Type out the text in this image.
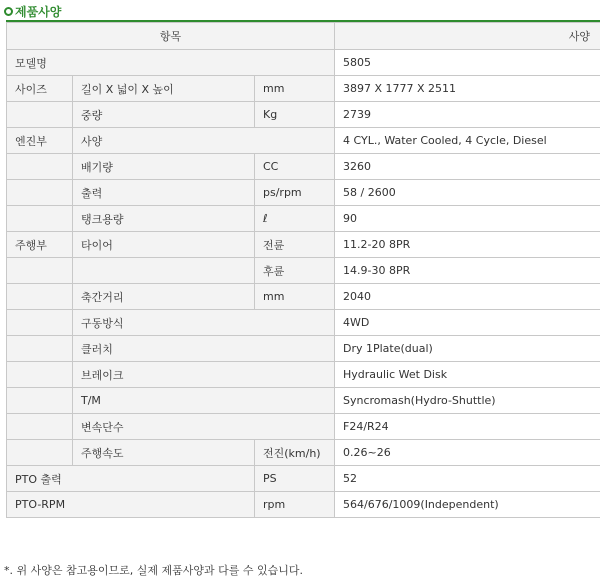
제품사양
항목			사양
모델명			5805
사이즈	길이 X 넓이 X 높이	mm	3897 X 1777 X 2511
	중량	Kg	2739
엔진부	사양		4 CYL., Water Cooled, 4 Cycle, Diesel
	배기량	CC	3260
	출력	ps/rpm	58 / 2600
	탱크용량	ℓ	90
주행부	타이어	전륜	11.2-20 8PR
		후륜	14.9-30 8PR
	축간거리	mm	2040
	구동방식		4WD
	클러치		Dry 1Plate(dual)
	브레이크		Hydraulic Wet Disk
	T/M		Syncromash(Hydro-Shuttle)
	변속단수		F24/R24
	주행속도	전진(km/h)	0.26~26
PTO 출력		PS	52
PTO-RPM		rpm	564/676/1009(Independent)
*. 위 사양은 참고용이므로, 실제 제품사양과 다를 수 있습니다.
